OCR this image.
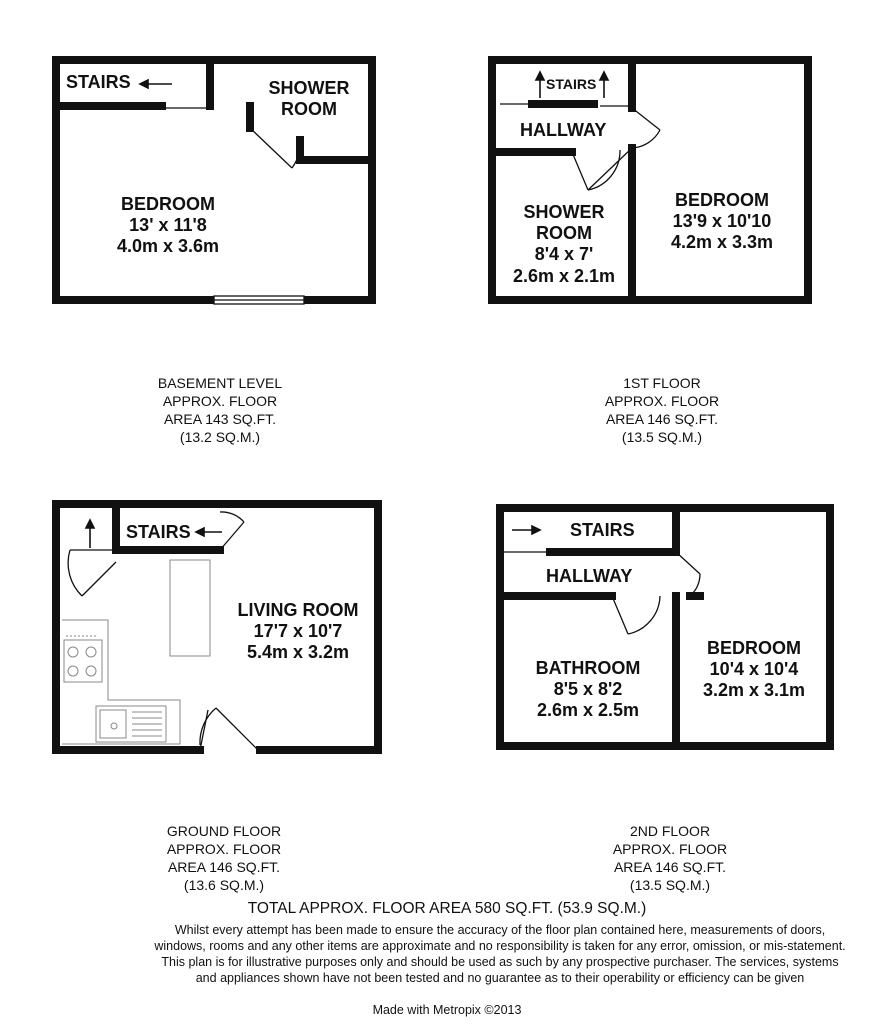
STAIRS	SHOWER
ROOM
BEDROOM
13' x 11'8
4.0m x 3.6m
BASEMENT LEVEL
APPROX. FLOOR
AREA 143 SQ.FT.
(13.2 SQ.M.)
STAIRS
HALLWAY
SHOWER
ROOM
8'4 x 7'
2.6m x 2.1m
BEDROOM
13'9 x 10'10
4.2m x 3.3m
1ST FLOOR
APPROX. FLOOR
AREA 146 SQ.FT.
(13.5 SQ.M.)
STAIRS
LIVING ROOM
17'7 x 10'7
5.4m x 3.2m
GROUND FLOOR
APPROX. FLOOR
AREA 146 SQ.FT.
(13.6 SQ.M.)
STAIRS
HALLWAY
BATHROOM
8'5 x 8'2
2.6m x 2.5m
BEDROOM
10'4 x 10'4
3.2m x 3.1m
2ND FLOOR
APPROX. FLOOR
AREA 146 SQ.FT.
(13.5 SQ.M.)
TOTAL APPROX. FLOOR AREA 580 SQ.FT. (53.9 SQ.M.)
Whilst every attempt has been made to ensure the accuracy of the floor plan contained here, measurements of doors, windows, rooms and any other items are approximate and no responsibility is taken for any error, omission, or mis-statement. This plan is for illustrative purposes only and should be used as such by any prospective purchaser. The services, systems and appliances shown have not been tested and no guarantee as to their operability or efficiency can be given
Made with Metropix ©2013
